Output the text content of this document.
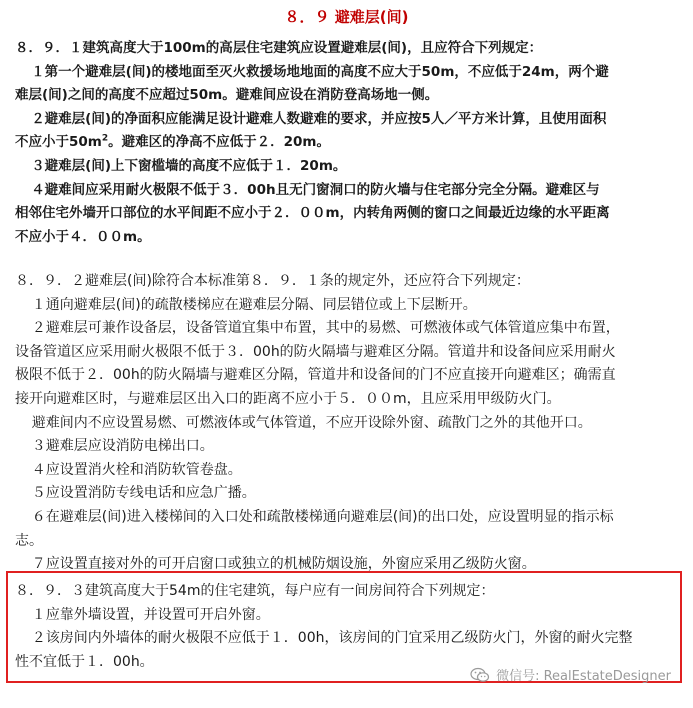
８．９ 避难层(间)

８．９．１建筑高度大于100m的高层住宅建筑应设置避难层(间)，且应符合下列规定：

１第一个避难层(间)的楼地面至灭火救援场地地面的高度不应大于50m，不应低于24m，两个避

难层(间)之间的高度不应超过50m。避难间应设在消防登高场地一侧。

２避难层(间)的净面积应能满足设计避难人数避难的要求，并应按5人／平方米计算，且使用面积

不应小于$50m^2$。避难区的净高不应低于２．20m。

３避难层(间)上下窗槛墙的高度不应低于１．20m。

４避难间应采用耐火极限不低于３．00h且无门窗洞口的防火墙与住宅部分完全分隔。避难区与

相邻住宅外墙开口部位的水平间距不应小于２．００m，内转角两侧的窗口之间最近边缘的水平距离

不应小于４．００m。

８．９．２避难层(间)除符合本标准第８．９．１条的规定外，还应符合下列规定：

１通向避难层(间)的疏散楼梯应在避难层分隔、同层错位或上下层断开。

２避难层可兼作设备层，设备管道宜集中布置，其中的易燃、可燃液体或气体管道应集中布置，

设备管道区应采用耐火极限不低于３．00h的防火隔墙与避难区分隔。管道井和设备间应采用耐火

极限不低于２．00h的防火隔墙与避难区分隔，管道井和设备间的门不应直接开向避难区；确需直

接开向避难区时，与避难层区出入口的距离不应小于５．００m，且应采用甲级防火门。

避难间内不应设置易燃、可燃液体或气体管道，不应开设除外窗、疏散门之外的其他开口。

３避难层应设消防电梯出口。

４应设置消火栓和消防软管卷盘。

５应设置消防专线电话和应急广播。

６在避难层(间)进入楼梯间的入口处和疏散楼梯通向避难层(间)的出口处，应设置明显的指示标

志。

７应设置直接对外的可开启窗口或独立的机械防烟设施，外窗应采用乙级防火窗。

８．９．３建筑高度大于54m的住宅建筑，每户应有一间房间符合下列规定：

１应靠外墙设置，并设置可开启外窗。

２该房间内外墙体的耐火极限不应低于１．00h，该房间的门宜采用乙级防火门，外窗的耐火完整

性不宜低于１．00h。

微信号: RealEstateDesigner
